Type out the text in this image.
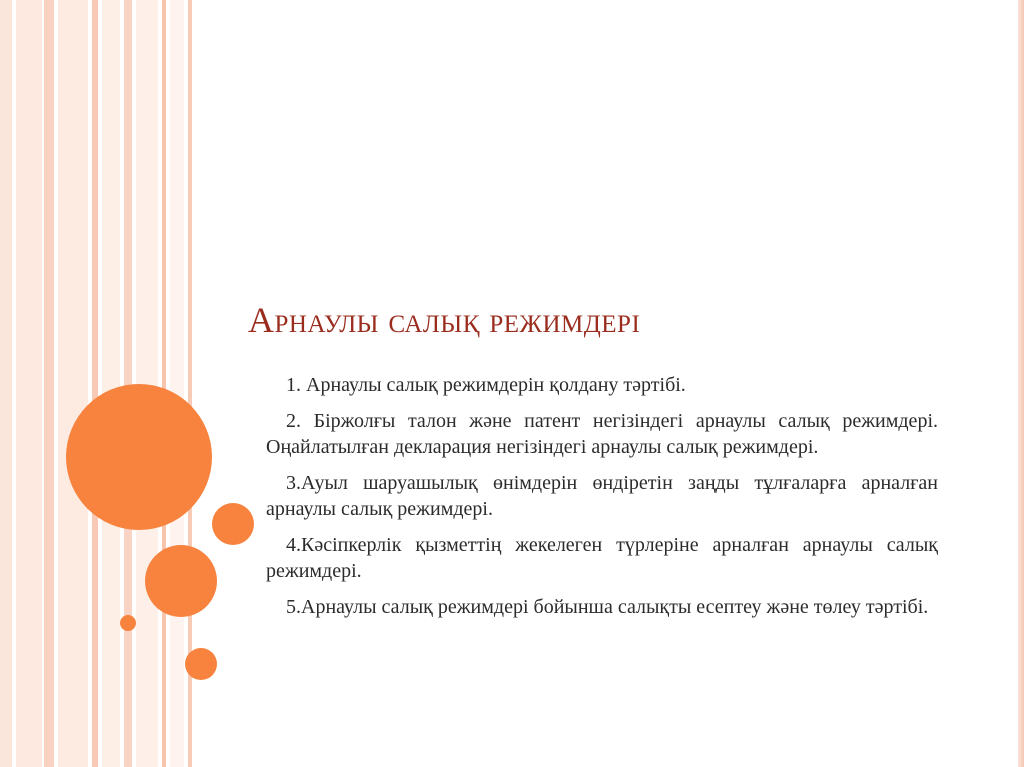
Арнаулы салық режимдері

1. Арнаулы салық режимдерін қолдану тәртібі.

2. Біржолғы талон және патент негізіндегі арнаулы салық режимдері. Оңайлатылған декларация негізіндегі арнаулы салық режимдері.

3.Ауыл шаруашылық өнімдерін өндіретін заңды тұлғаларға арналған арнаулы салық режимдері.

4.Кәсіпкерлік қызметтің жекелеген түрлеріне арналған арнаулы салық режимдері.

5.Арнаулы салық режимдері бойынша салықты есептеу және төлеу тәртібі.
